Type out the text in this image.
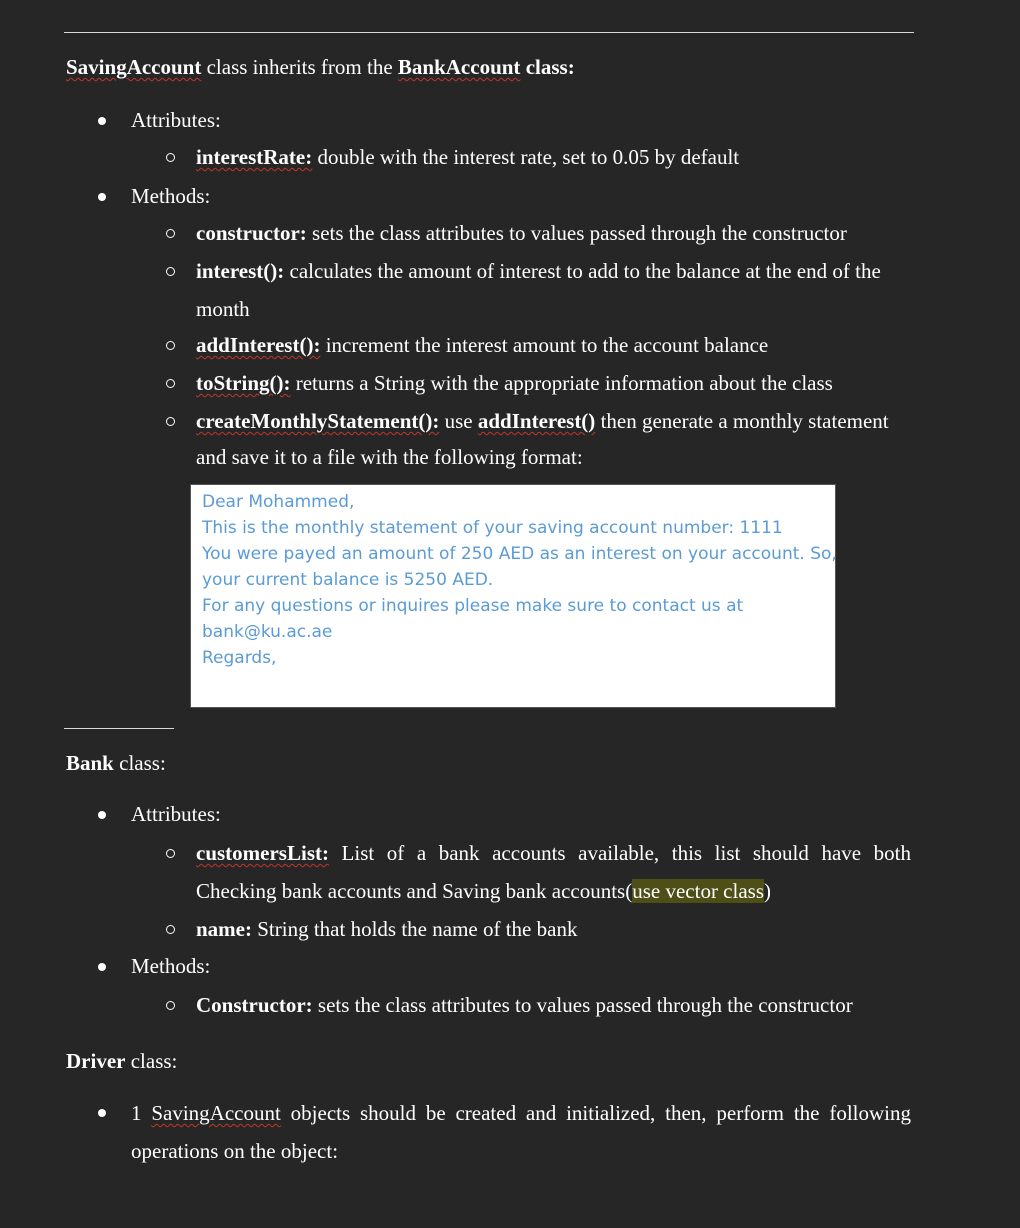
SavingAccount class inherits from the BankAccount class:
Attributes:
interestRate: double with the interest rate, set to 0.05 by default
Methods:
constructor: sets the class attributes to values passed through the constructor
interest(): calculates the amount of interest to add to the balance at the end of the
month
addInterest(): increment the interest amount to the account balance
toString(): returns a String with the appropriate information about the class
createMonthlyStatement(): use addInterest() then generate a monthly statement
and save it to a file with the following format:
Dear Mohammed,
This is the monthly statement of your saving account number: 1111
You were payed an amount of 250 AED as an interest on your account. So,
your current balance is 5250 AED.
For any questions or inquires please make sure to contact us at
bank@ku.ac.ae
Regards,
Bank class:
Attributes:
customersList: List of a bank accounts available, this list should have both
Checking bank accounts and Saving bank accounts(use vector class)
name: String that holds the name of the bank
Methods:
Constructor: sets the class attributes to values passed through the constructor
Driver class:
1 SavingAccount objects should be created and initialized, then, perform the following
operations on the object:
